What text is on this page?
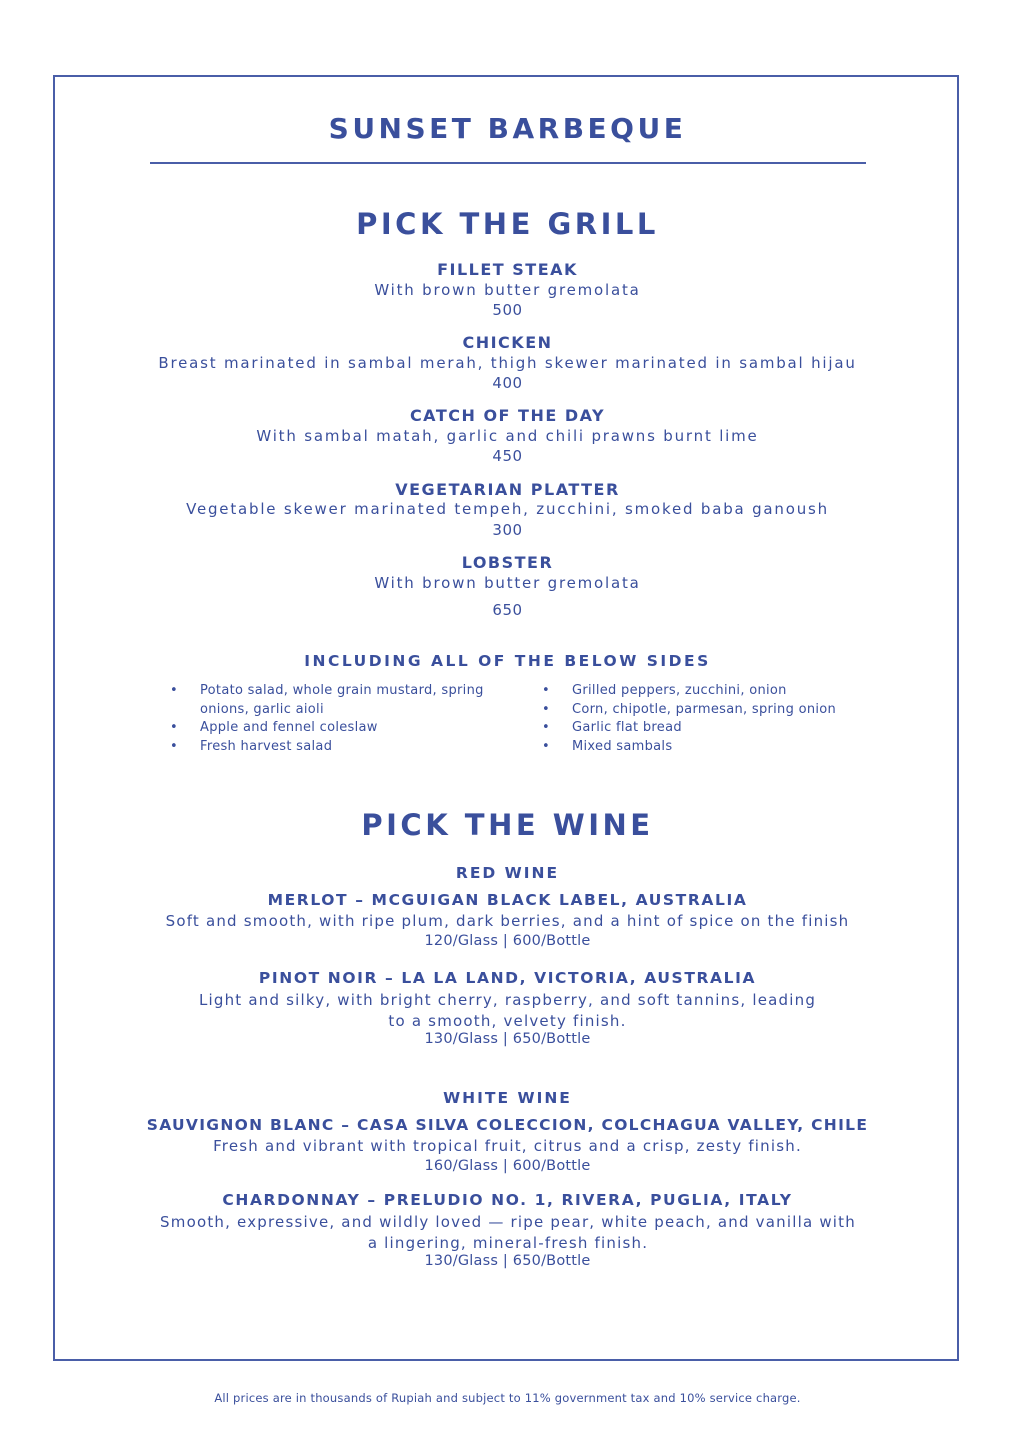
SUNSET BARBEQUE
PICK THE GRILL
FILLET STEAK
With brown butter gremolata
500
CHICKEN
Breast marinated in sambal merah, thigh skewer marinated in sambal hijau
400
CATCH OF THE DAY
With sambal matah, garlic and chili prawns burnt lime
450
VEGETARIAN PLATTER
Vegetable skewer marinated tempeh, zucchini, smoked baba ganoush
300
LOBSTER
With brown butter gremolata
650
INCLUDING ALL OF THE BELOW SIDES
• Potato salad, whole grain mustard, spring onions, garlic aioli
• Apple and fennel coleslaw
• Fresh harvest salad
• Grilled peppers, zucchini, onion
• Corn, chipotle, parmesan, spring onion
• Garlic flat bread
• Mixed sambals
PICK THE WINE
RED WINE
MERLOT – MCGUIGAN BLACK LABEL, AUSTRALIA
Soft and smooth, with ripe plum, dark berries, and a hint of spice on the finish
120/Glass | 600/Bottle
PINOT NOIR – LA LA LAND, VICTORIA, AUSTRALIA
Light and silky, with bright cherry, raspberry, and soft tannins, leading to a smooth, velvety finish.
130/Glass | 650/Bottle
WHITE WINE
SAUVIGNON BLANC – CASA SILVA COLECCION, COLCHAGUA VALLEY, CHILE
Fresh and vibrant with tropical fruit, citrus and a crisp, zesty finish.
160/Glass | 600/Bottle
CHARDONNAY – PRELUDIO NO. 1, RIVERA, PUGLIA, ITALY
Smooth, expressive, and wildly loved — ripe pear, white peach, and vanilla with a lingering, mineral-fresh finish.
130/Glass | 650/Bottle
All prices are in thousands of Rupiah and subject to 11% government tax and 10% service charge.
